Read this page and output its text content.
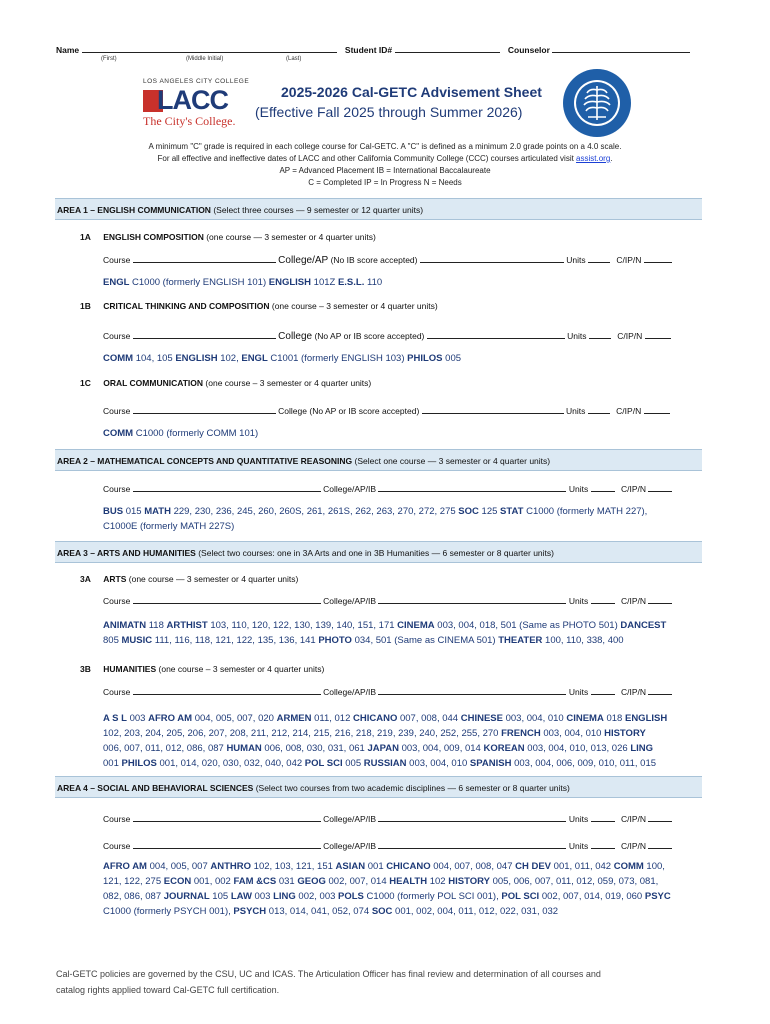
Name	Student ID#	Counselor
(First)	(Middle Initial)	(Last)
LOS ANGELES CITY COLLEGE
LACC
The City's College.
2025-2026 Cal-GETC Advisement Sheet
(Effective Fall 2025 through Summer 2026)
A minimum "C" grade is required in each college course for Cal-GETC. A "C" is defined as a minimum 2.0 grade points on a 4.0 scale.
For all effective and ineffective dates of LACC and other California Community College (CCC) courses articulated visit assist.org.
AP = Advanced Placement IB = International Baccalaureate
C = Completed IP = In Progress N = Needs
AREA 1 – ENGLISH COMMUNICATION (Select three courses — 9 semester or 12 quarter units)
1A ENGLISH COMPOSITION (one course — 3 semester or 4 quarter units)
Course	College/AP (No IB score accepted)	Units	C/IP/N
ENGL C1000 (formerly ENGLISH 101) ENGLISH 101Z E.S.L. 110
1B CRITICAL THINKING AND COMPOSITION (one course – 3 semester or 4 quarter units)
Course	College (No AP or IB score accepted)	Units	C/IP/N
COMM 104, 105 ENGLISH 102, ENGL C1001 (formerly ENGLISH 103) PHILOS 005
1C ORAL COMMUNICATION (one course – 3 semester or 4 quarter units)
Course	College (No AP or IB score accepted)	Units	C/IP/N
COMM C1000 (formerly COMM 101)
AREA 2 – MATHEMATICAL CONCEPTS AND QUANTITATIVE REASONING (Select one course — 3 semester or 4 quarter units)
Course	College/AP/IB	Units	C/IP/N
BUS 015 MATH 229, 230, 236, 245, 260, 260S, 261, 261S, 262, 263, 270, 272, 275 SOC 125 STAT C1000 (formerly MATH 227),
C1000E (formerly MATH 227S)
AREA 3 – ARTS AND HUMANITIES (Select two courses: one in 3A Arts and one in 3B Humanities — 6 semester or 8 quarter units)
3A ARTS (one course — 3 semester or 4 quarter units)
Course	College/AP/IB	Units	C/IP/N
ANIMATN 118 ARTHIST 103, 110, 120, 122, 130, 139, 140, 151, 171 CINEMA 003, 004, 018, 501 (Same as PHOTO 501) DANCEST
805 MUSIC 111, 116, 118, 121, 122, 135, 136, 141 PHOTO 034, 501 (Same as CINEMA 501) THEATER 100, 110, 338, 400
3B HUMANITIES (one course – 3 semester or 4 quarter units)
Course	College/AP/IB	Units	C/IP/N
A S L 003 AFRO AM 004, 005, 007, 020 ARMEN 011, 012 CHICANO 007, 008, 044 CHINESE 003, 004, 010 CINEMA 018 ENGLISH
102, 203, 204, 205, 206, 207, 208, 211, 212, 214, 215, 216, 218, 219, 239, 240, 252, 255, 270 FRENCH 003, 004, 010 HISTORY
006, 007, 011, 012, 086, 087 HUMAN 006, 008, 030, 031, 061 JAPAN 003, 004, 009, 014 KOREAN 003, 004, 010, 013, 026 LING
001 PHILOS 001, 014, 020, 030, 032, 040, 042 POL SCI 005 RUSSIAN 003, 004, 010 SPANISH 003, 004, 006, 009, 010, 011, 015
AREA 4 – SOCIAL AND BEHAVIORAL SCIENCES (Select two courses from two academic disciplines — 6 semester or 8 quarter units)
Course	College/AP/IB	Units	C/IP/N
Course	College/AP/IB	Units	C/IP/N
AFRO AM 004, 005, 007 ANTHRO 102, 103, 121, 151 ASIAN 001 CHICANO 004, 007, 008, 047 CH DEV 001, 011, 042 COMM 100,
121, 122, 275 ECON 001, 002 FAM &CS 031 GEOG 002, 007, 014 HEALTH 102 HISTORY 005, 006, 007, 011, 012, 059, 073, 081,
082, 086, 087 JOURNAL 105 LAW 003 LING 002, 003 POLS C1000 (formerly POL SCI 001), POL SCI 002, 007, 014, 019, 060 PSYC
C1000 (formerly PSYCH 001), PSYCH 013, 014, 041, 052, 074 SOC 001, 002, 004, 011, 012, 022, 031, 032
Cal-GETC policies are governed by the CSU, UC and ICAS. The Articulation Officer has final review and determination of all courses and
catalog rights applied toward Cal-GETC full certification.
